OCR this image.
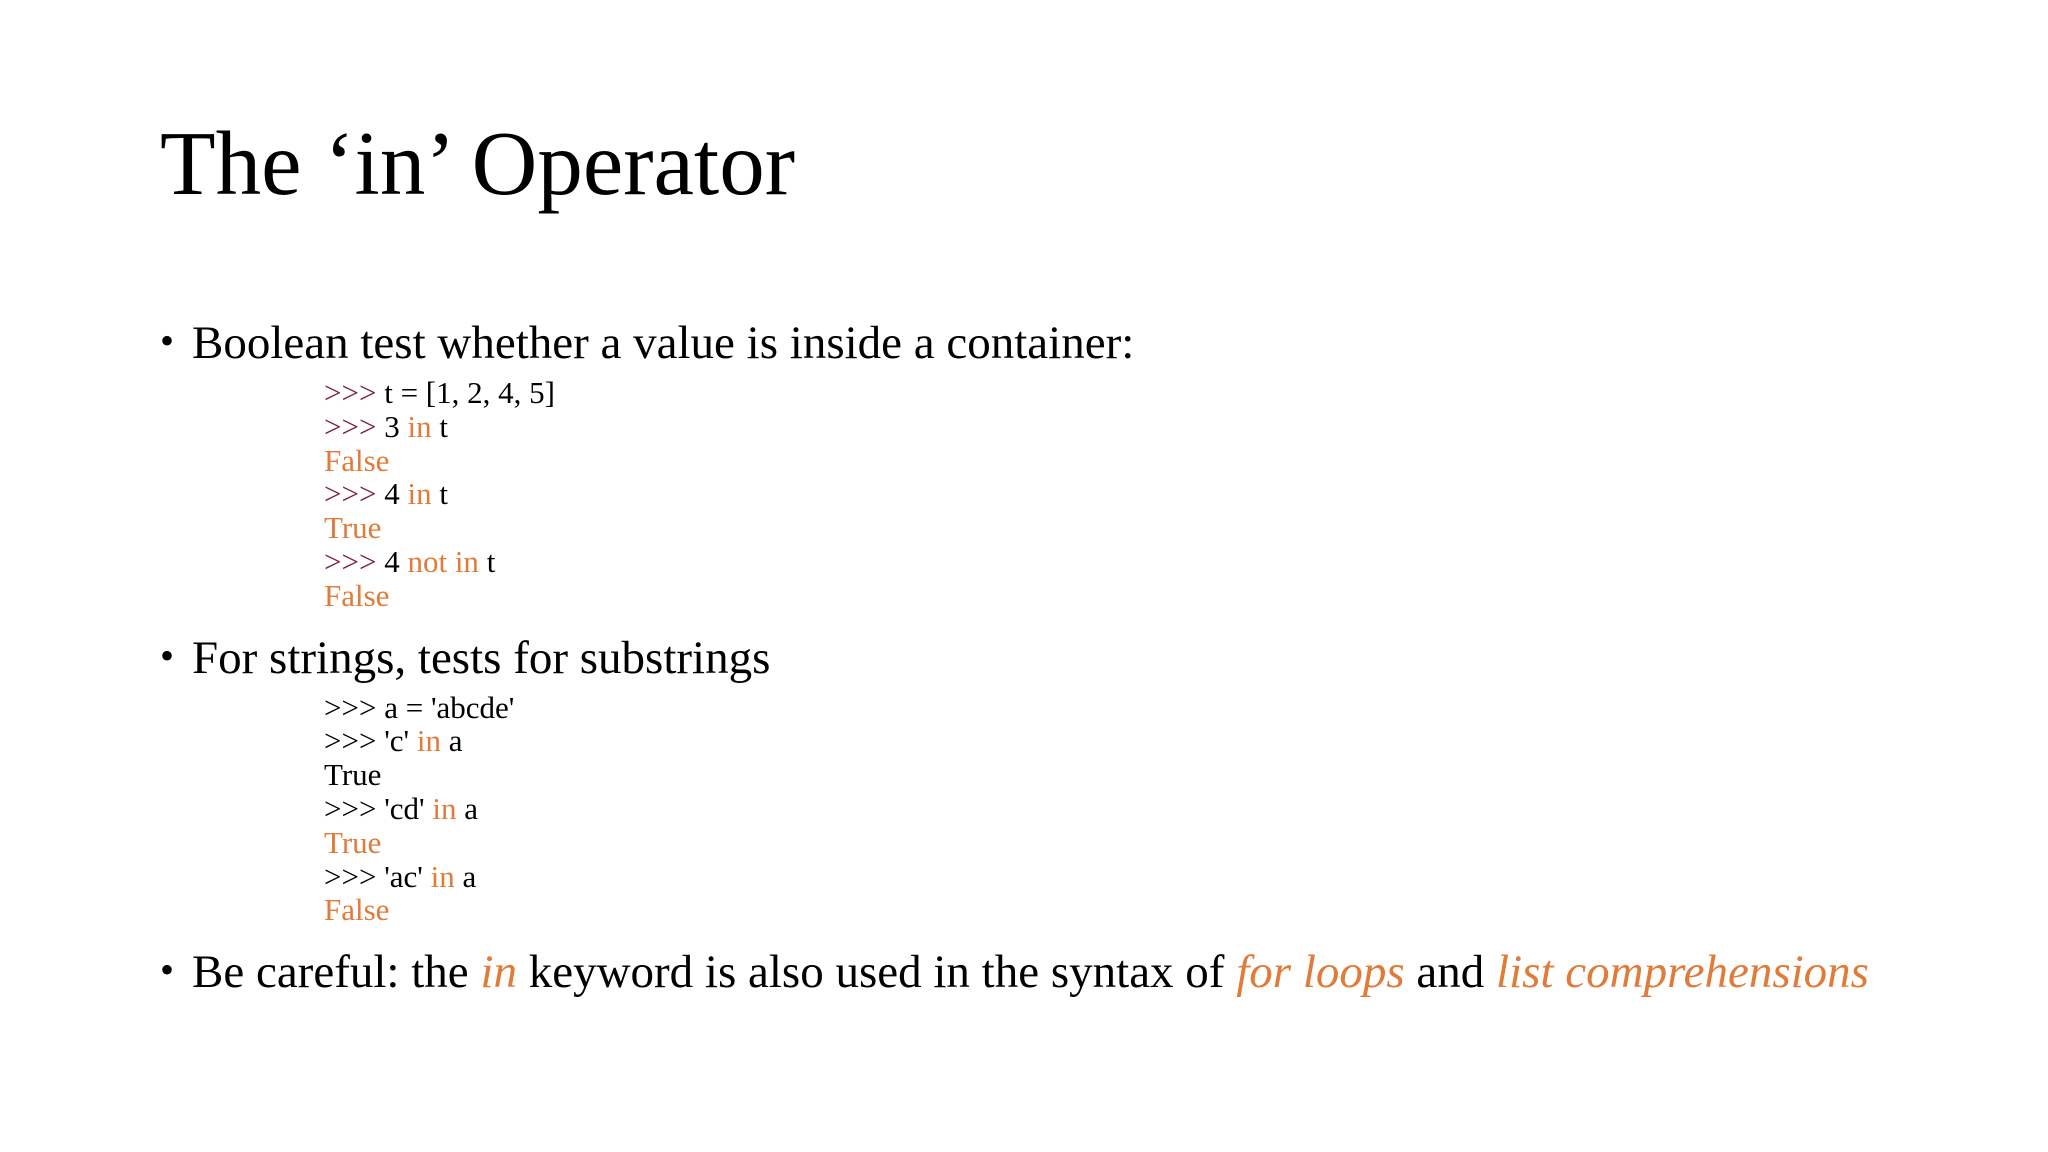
The ‘in’ Operator
• Boolean test whether a value is inside a container:
>>> t = [1, 2, 4, 5]
>>> 3 in t
False
>>> 4 in t
True
>>> 4 not in t
False
• For strings, tests for substrings
>>> a = 'abcde'
>>> 'c' in a
True
>>> 'cd' in a
True
>>> 'ac' in a
False
• Be careful: the in keyword is also used in the syntax of for loops and list comprehensions
